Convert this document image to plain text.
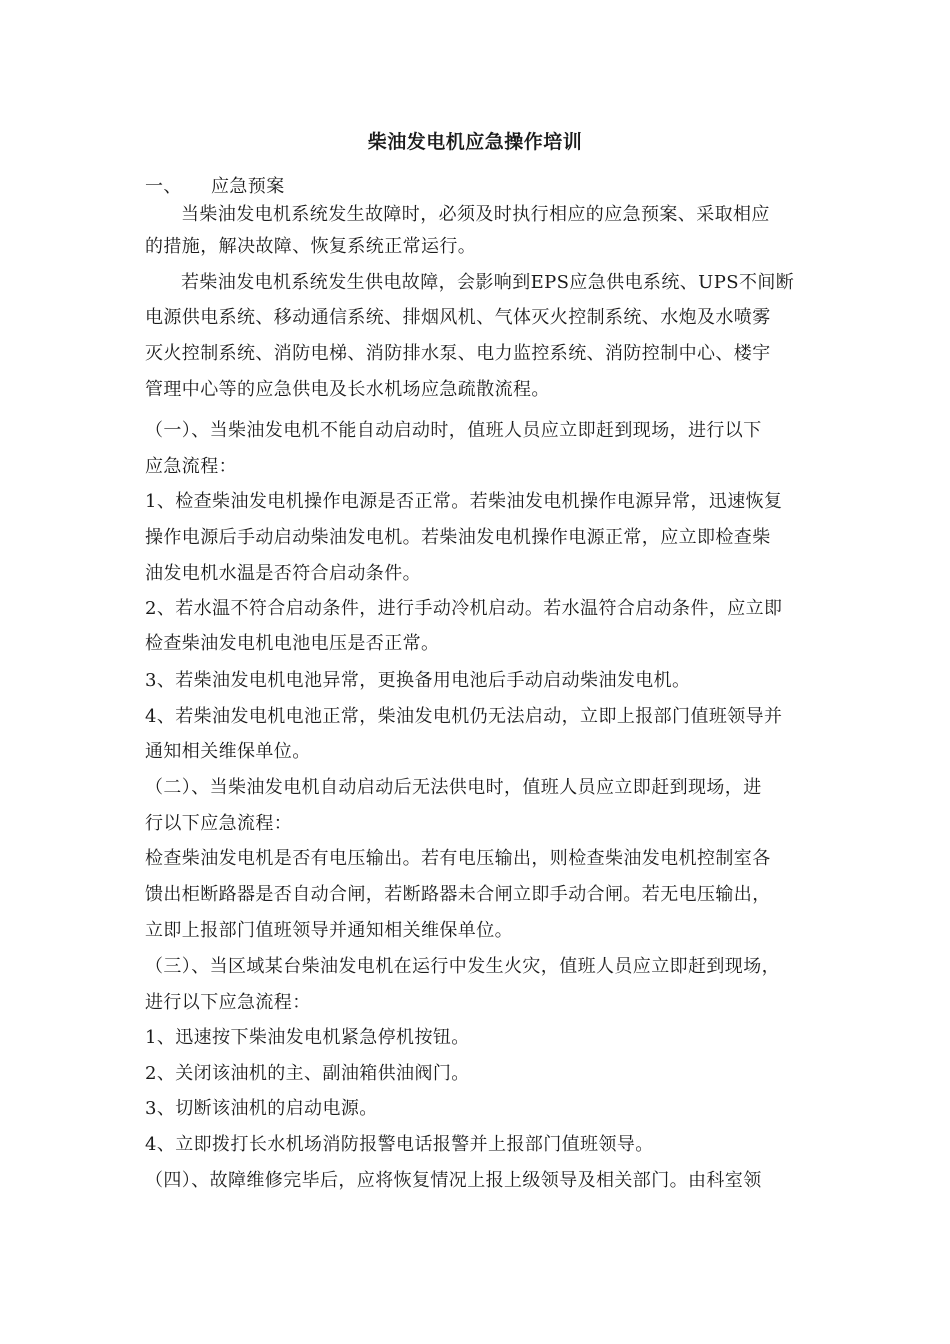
柴油发电机应急操作培训
一、 应急预案
当柴油发电机系统发生故障时，必须及时执行相应的应急预案、采取相应
的措施，解决故障、恢复系统正常运行。
若柴油发电机系统发生供电故障，会影响到EPS应急供电系统、UPS不间断
电源供电系统、移动通信系统、排烟风机、气体灭火控制系统、水炮及水喷雾
灭火控制系统、消防电梯、消防排水泵、电力监控系统、消防控制中心、楼宇
管理中心等的应急供电及长水机场应急疏散流程。
（一）、当柴油发电机不能自动启动时，值班人员应立即赶到现场，进行以下
应急流程：
1、检查柴油发电机操作电源是否正常。若柴油发电机操作电源异常，迅速恢复
操作电源后手动启动柴油发电机。若柴油发电机操作电源正常，应立即检查柴
油发电机水温是否符合启动条件。
2、若水温不符合启动条件，进行手动冷机启动。若水温符合启动条件，应立即
检查柴油发电机电池电压是否正常。
3、若柴油发电机电池异常，更换备用电池后手动启动柴油发电机。
4、若柴油发电机电池正常，柴油发电机仍无法启动，立即上报部门值班领导并
通知相关维保单位。
（二）、当柴油发电机自动启动后无法供电时，值班人员应立即赶到现场，进
行以下应急流程：
检查柴油发电机是否有电压输出。若有电压输出，则检查柴油发电机控制室各
馈出柜断路器是否自动合闸，若断路器未合闸立即手动合闸。若无电压输出，
立即上报部门值班领导并通知相关维保单位。
（三）、当区域某台柴油发电机在运行中发生火灾，值班人员应立即赶到现场，
进行以下应急流程：
1、迅速按下柴油发电机紧急停机按钮。
2、关闭该油机的主、副油箱供油阀门。
3、切断该油机的启动电源。
4、立即拨打长水机场消防报警电话报警并上报部门值班领导。
（四）、故障维修完毕后，应将恢复情况上报上级领导及相关部门。由科室领
